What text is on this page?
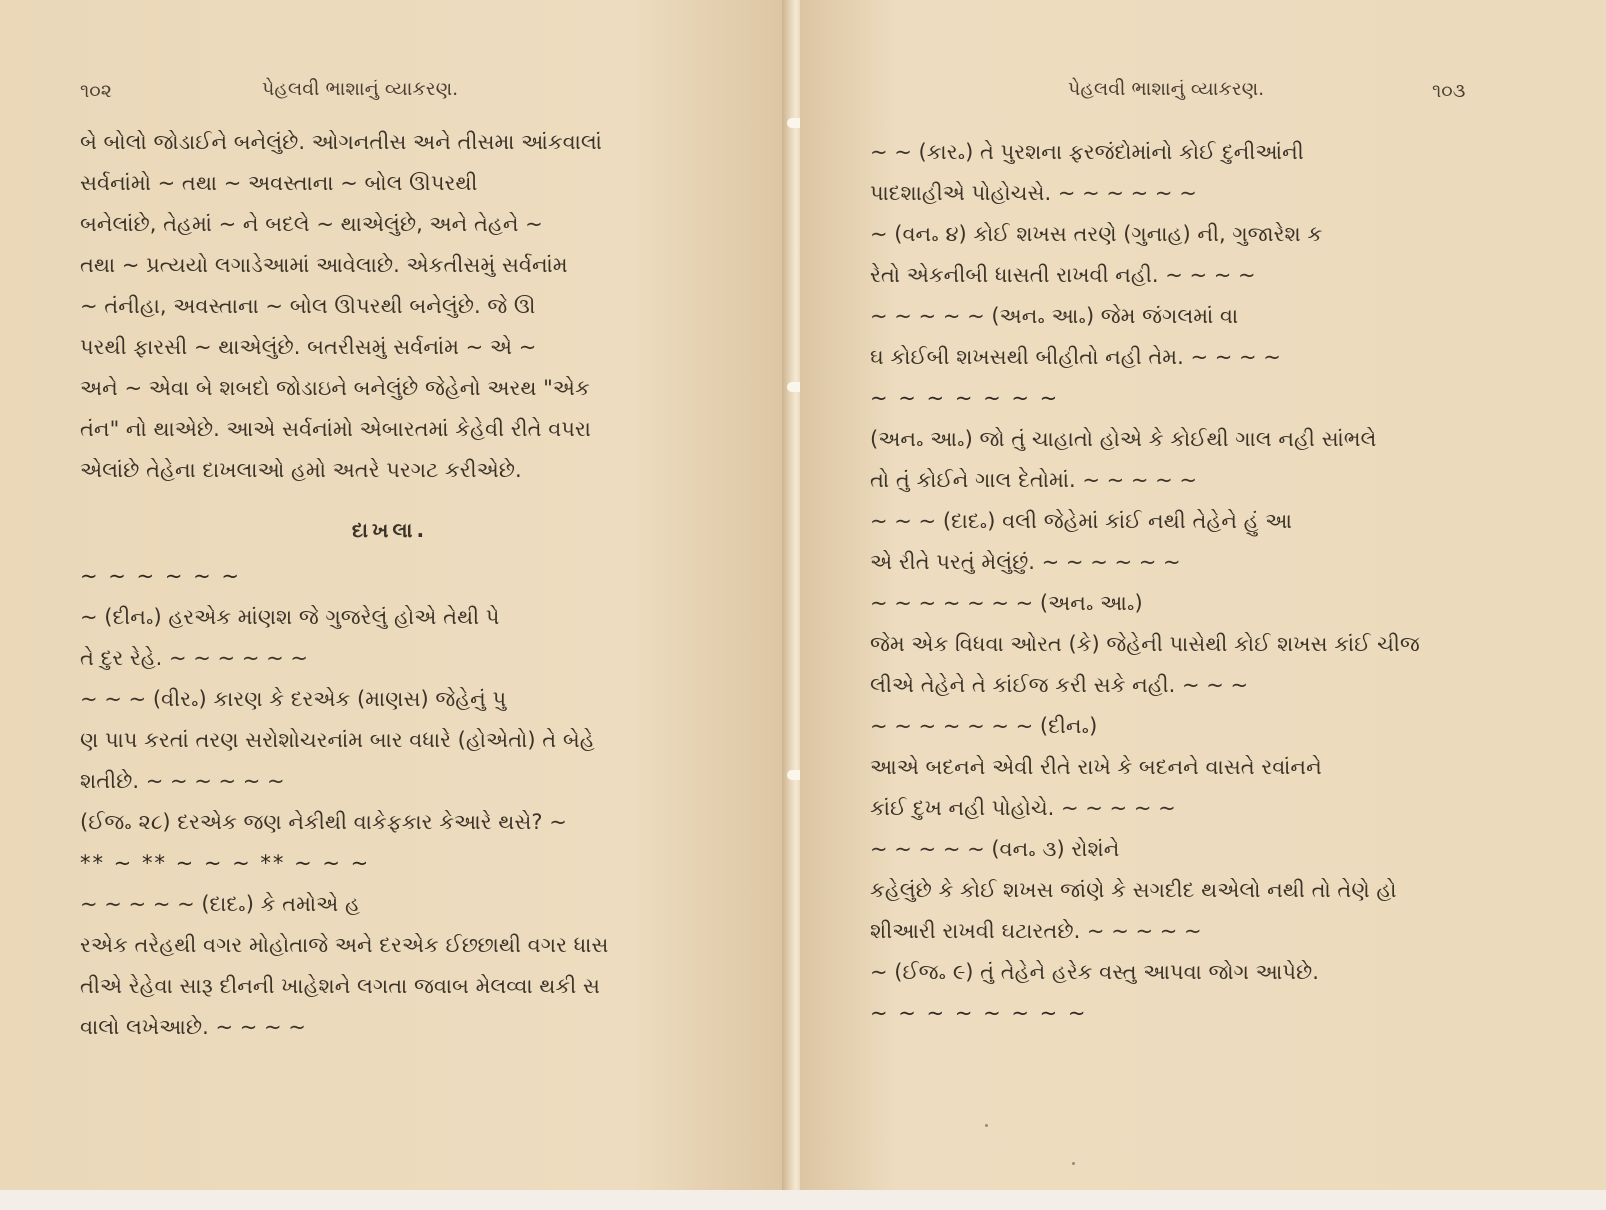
૧૦૨	પેહલવી ભાશાનું વ્યાકરણ.
બે બોલો જોડાઈને બનેલુંછે. ઓગનતીસ અને તીસમા આંકવાલાં
સર્વનાંમો ~ તથા ~ અવસ્તાના ~ બોલ ઊપરથી
બનેલાંછે, તેહમાં ~ ને બદલે ~ થાએલુંછે, અને તેહને ~
તથા ~ પ્રત્યયો લગાડેઆમાં આવેલાછે. એકતીસમું સર્વનાંમ
~ તંનીહા, અવસ્તાના ~ બોલ ઊપરથી બનેલુંછે. જે ઊ
પરથી ફારસી ~ થાએલુંછે. બતરીસમું સર્વનાંમ ~ એ ~
અને ~ એવા બે શબદો જોડાઇને બનેલુંછે જેહેનો અરથ "એક
તંન" નો થાએછે. આએ સર્વનાંમો એબારતમાં કેહેવી રીતે વપરા
એલાંછે તેહેના દાખલાઓ હમો અતરે પરગટ કરીએછે.
દાખલા.
~ ~ ~ ~ ~ ~
~ (દીન૰) હરએક માંણશ જે ગુજરેલું હોએ તેથી પે
તે દુર રેહે. ~ ~ ~ ~ ~ ~
~ ~ ~ (વીર૰) કારણ કે દરએક (માણસ) જેહેનું પુ
ણ પાપ કરતાં તરણ સરોશોચરનાંમ બાર વધારે (હોએતો) તે બેહે
શતીછે. ~ ~ ~ ~ ~ ~
(ઈજ૰ ૨૮) દરએક જણ નેકીથી વાકેફકાર કેઆરે થસે? ~
** ~ ** ~ ~ ~ ** ~ ~ ~
~ ~ ~ ~ ~ (દાદ૰) કે તમોએ હ
રએક તરેહથી વગર મોહોતાજે અને દરએક ઈછ્છાથી વગર ધાસ
તીએ રેહેવા સારૂ દીનની ખાહેશને લગતા જવાબ મેલવ્વા થકી સ
વાલો લખેઆછે. ~ ~ ~ ~
પેહલવી ભાશાનું વ્યાકરણ.	૧૦૩
~ ~ (કાર૰) તે પુરશના ફરજંદોમાંનો કોઈ દુનીઆંની
પાદશાહીએ પોહોચસે. ~ ~ ~ ~ ~ ~
~ (વન૰ ૪) કોઈ શખસ તરણે (ગુનાહ) ની, ગુજારેશ ક
રેતો એકનીબી ધાસતી રાખવી નહી. ~ ~ ~ ~
~ ~ ~ ~ ~ (અન૰ આ૰) જેમ જંગલમાં વા
ઘ કોઈબી શખસથી બીહીતો નહી તેમ. ~ ~ ~ ~
~ ~ ~ ~ ~ ~ ~
(અન૰ આ૰) જો તું ચાહાતો હોએ કે કોઈથી ગાલ નહી સાંભલે
તો તું કોઈને ગાલ દેતોમાં. ~ ~ ~ ~ ~
~ ~ ~ (દાદ૰) વલી જેહેમાં કાંઈ નથી તેહેને હું આ
એ રીતે પરતું મેલુંછું. ~ ~ ~ ~ ~ ~
~ ~ ~ ~ ~ ~ ~ (અન૰ આ૰)
જેમ એક વિધવા ઓરત (કે) જેહેની પાસેથી કોઈ શખસ કાંઈ ચીજ
લીએ તેહેને તે કાંઈજ કરી સકે નહી. ~ ~ ~
~ ~ ~ ~ ~ ~ ~ (દીન૰)
આએ બદનને એવી રીતે રાખે કે બદનને વાસતે રવાંનને
કાંઈ દુખ નહી પોહોચે. ~ ~ ~ ~ ~
~ ~ ~ ~ ~ (વન૰ ૩) રોશંને
કહેલુંછે કે કોઈ શખસ જાંણે કે સગદીદ થએલો નથી તો તેણે હો
શીઆરી રાખવી ઘટારતછે. ~ ~ ~ ~ ~
~ (ઈજ૰ ૯) તું તેહેને હરેક વસ્તુ આપવા જોગ આપેછે.
~ ~ ~ ~ ~ ~ ~ ~
